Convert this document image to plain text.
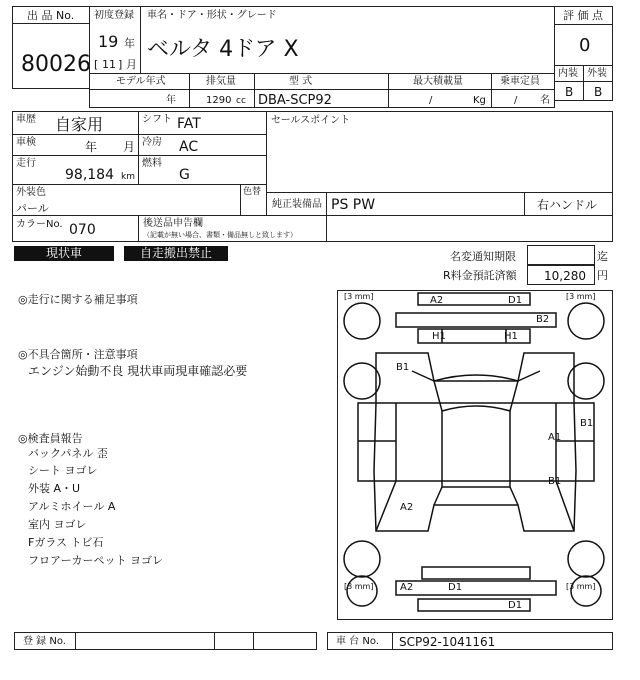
出 品 No.
80026
初度登録
19 年
[ 11 ] 月
車名・ドア・形状・グレード
ベルタ 4ドア X
評 価 点
0
内装 外装
B B
モデル年式
年
排気量
1290 cc
型 式
DBA-SCP92
最大積載量
/	Kg
乗車定員
/ 名
車歴 自家用
車検	年 月
走行
98,184 km
シフト FAT
冷房 AC
燃料
G
セールスポイント
外装色
パール
色替
純正装備品 PS PW	右ハンドル
カラーNo. 070	後送品申告欄
（記載が無い場合、書類・備品無しと致します）
現状車	自走搬出禁止	名変通知期限	迄
R料金預託済額 10,280 円
◎走行に関する補足事項
◎不具合箇所・注意事項
エンジン始動不良 現状車両現車確認必要
◎検査員報告
バックパネル 歪
シート ヨゴレ
外装 A・U
アルミホイール A
室内 ヨゴレ
Fガラス トビ石
フロアーカーペット ヨゴレ
[3 mm]	[3 mm]
[3 mm]	[3 mm]
A2	D1
B2
H1	H1
B1
B1
A1
B1
A2
A2	D1
D1
登 録 No.	車 台 No. SCP92-1041161
